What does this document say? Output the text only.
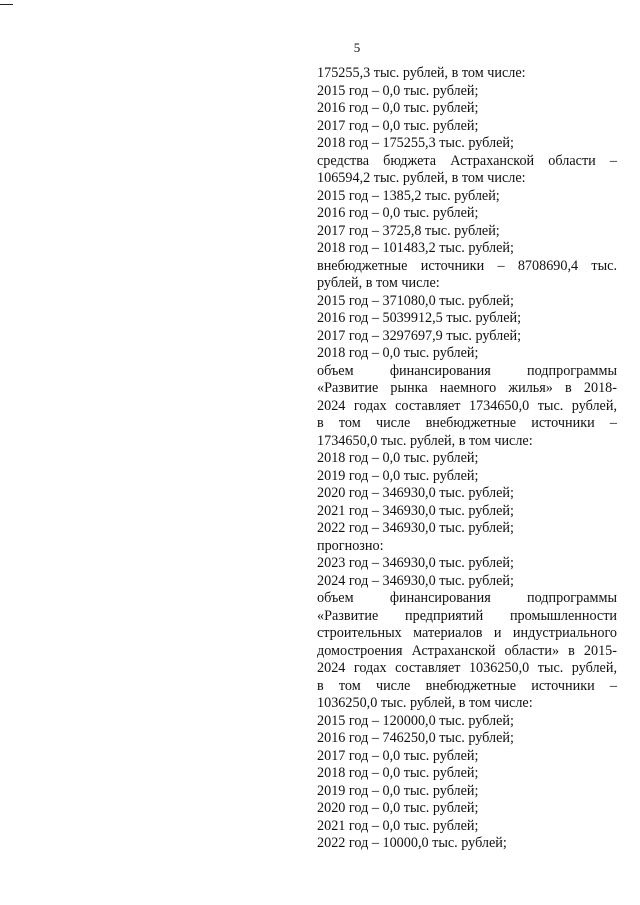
5
175255,3 тыс. рублей, в том числе:
2015 год – 0,0 тыс. рублей;
2016 год – 0,0 тыс. рублей;
2017 год – 0,0 тыс. рублей;
2018 год – 175255,3 тыс. рублей;
средства бюджета Астраханской области –
106594,2 тыс. рублей, в том числе:
2015 год – 1385,2 тыс. рублей;
2016 год – 0,0 тыс. рублей;
2017 год – 3725,8 тыс. рублей;
2018 год – 101483,2 тыс. рублей;
внебюджетные источники – 8708690,4 тыс.
рублей, в том числе:
2015 год – 371080,0 тыс. рублей;
2016 год – 5039912,5 тыс. рублей;
2017 год – 3297697,9 тыс. рублей;
2018 год – 0,0 тыс. рублей;
объем финансирования подпрограммы
«Развитие рынка наемного жилья» в 2018-
2024 годах составляет 1734650,0 тыс. рублей,
в том числе внебюджетные источники –
1734650,0 тыс. рублей, в том числе:
2018 год – 0,0 тыс. рублей;
2019 год – 0,0 тыс. рублей;
2020 год – 346930,0 тыс. рублей;
2021 год – 346930,0 тыс. рублей;
2022 год – 346930,0 тыс. рублей;
прогнозно:
2023 год – 346930,0 тыс. рублей;
2024 год – 346930,0 тыс. рублей;
объем финансирования подпрограммы
«Развитие предприятий промышленности
строительных материалов и индустриального
домостроения Астраханской области» в 2015-
2024 годах составляет 1036250,0 тыс. рублей,
в том числе внебюджетные источники –
1036250,0 тыс. рублей, в том числе:
2015 год – 120000,0 тыс. рублей;
2016 год – 746250,0 тыс. рублей;
2017 год – 0,0 тыс. рублей;
2018 год – 0,0 тыс. рублей;
2019 год – 0,0 тыс. рублей;
2020 год – 0,0 тыс. рублей;
2021 год – 0,0 тыс. рублей;
2022 год – 10000,0 тыс. рублей;
